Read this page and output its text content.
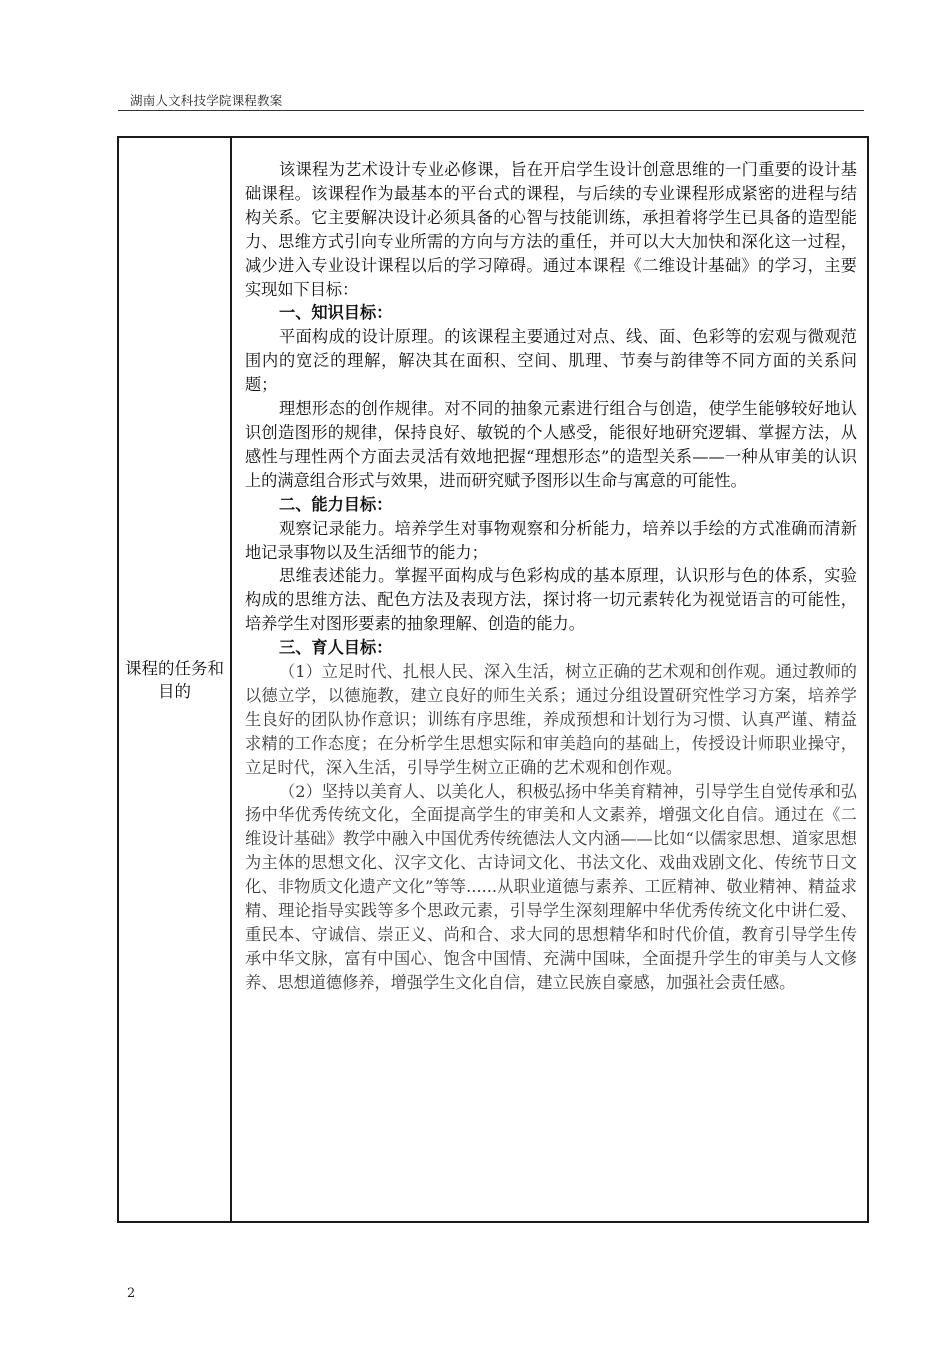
湖南人文科技学院课程教案
课程的任务和目的

该课程为艺术设计专业必修课，旨在开启学生设计创意思维的一门重要的设计基础课程。该课程作为最基本的平台式的课程，与后续的专业课程形成紧密的进程与结构关系。它主要解决设计必须具备的心智与技能训练，承担着将学生已具备的造型能力、思维方式引向专业所需的方向与方法的重任，并可以大大加快和深化这一过程，减少进入专业设计课程以后的学习障碍。通过本课程《二维设计基础》的学习，主要实现如下目标：

一、知识目标：

平面构成的设计原理。的该课程主要通过对点、线、面、色彩等的宏观与微观范围内的宽泛的理解，解决其在面积、空间、肌理、节奏与韵律等不同方面的关系问题；

理想形态的创作规律。对不同的抽象元素进行组合与创造，使学生能够较好地认识创造图形的规律，保持良好、敏锐的个人感受，能很好地研究逻辑、掌握方法，从感性与理性两个方面去灵活有效地把握“理想形态”的造型关系——一种从审美的认识上的满意组合形式与效果，进而研究赋予图形以生命与寓意的可能性。

二、能力目标：

观察记录能力。培养学生对事物观察和分析能力，培养以手绘的方式准确而清新地记录事物以及生活细节的能力；

思维表述能力。掌握平面构成与色彩构成的基本原理，认识形与色的体系，实验构成的思维方法、配色方法及表现方法，探讨将一切元素转化为视觉语言的可能性，培养学生对图形要素的抽象理解、创造的能力。

三、育人目标：

（1）立足时代、扎根人民、深入生活，树立正确的艺术观和创作观。通过教师的以德立学，以德施教，建立良好的师生关系；通过分组设置研究性学习方案，培养学生良好的团队协作意识；训练有序思维，养成预想和计划行为习惯、认真严谨、精益求精的工作态度；在分析学生思想实际和审美趋向的基础上，传授设计师职业操守，立足时代，深入生活，引导学生树立正确的艺术观和创作观。

（2）坚持以美育人、以美化人，积极弘扬中华美育精神，引导学生自觉传承和弘扬中华优秀传统文化，全面提高学生的审美和人文素养，增强文化自信。通过在《二维设计基础》教学中融入中国优秀传统德法人文内涵——比如“以儒家思想、道家思想为主体的思想文化、汉字文化、古诗词文化、书法文化、戏曲戏剧文化、传统节日文化、非物质文化遗产文化”等等......从职业道德与素养、工匠精神、敬业精神、精益求精、理论指导实践等多个思政元素，引导学生深刻理解中华优秀传统文化中讲仁爱、重民本、守诚信、崇正义、尚和合、求大同的思想精华和时代价值，教育引导学生传承中华文脉，富有中国心、饱含中国情、充满中国味，全面提升学生的审美与人文修养、思想道德修养，增强学生文化自信，建立民族自豪感，加强社会责任感。

2
